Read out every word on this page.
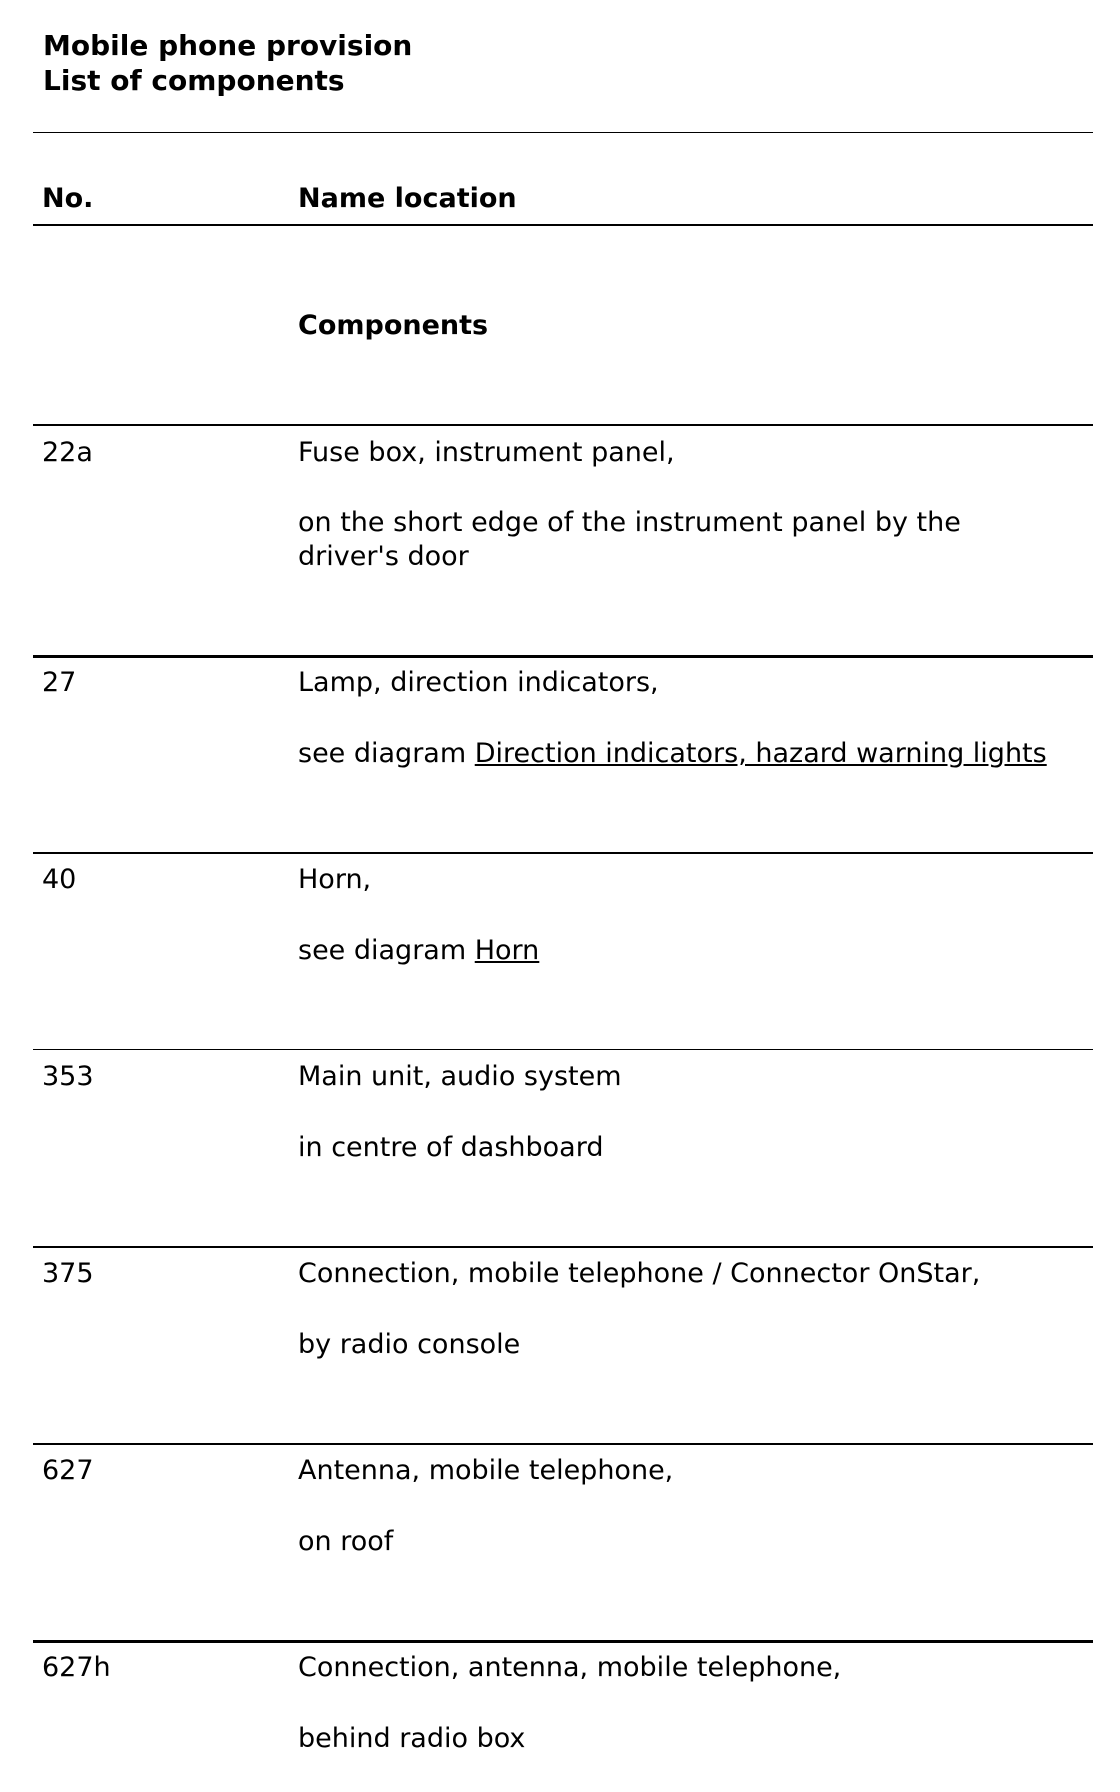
Mobile phone provision
List of components
No.	Name location
Components
22a	Fuse box, instrument panel,
on the short edge of the instrument panel by the driver's door
27	Lamp, direction indicators,
see diagram Direction indicators, hazard warning lights
40	Horn,
see diagram Horn
353	Main unit, audio system
in centre of dashboard
375	Connection, mobile telephone / Connector OnStar,
by radio console
627	Antenna, mobile telephone,
on roof
627h	Connection, antenna, mobile telephone,
behind radio box
